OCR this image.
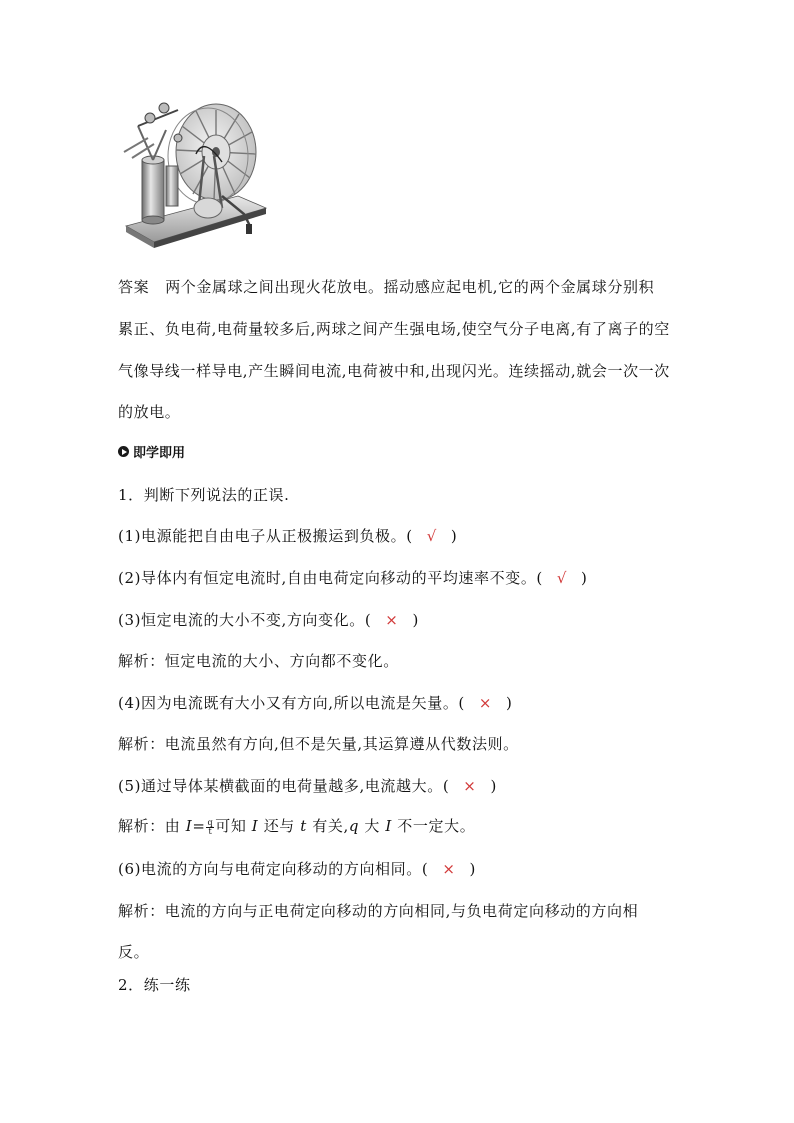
答案 两个金属球之间出现火花放电。摇动感应起电机,它的两个金属球分别积
累正、负电荷,电荷量较多后,两球之间产生强电场,使空气分子电离,有了离子的空
气像导线一样导电,产生瞬间电流,电荷被中和,出现闪光。连续摇动,就会一次一次
的放电。
即学即用
1．判断下列说法的正误.
(1)电源能把自由电子从正极搬运到负极。( √ )
(2)导体内有恒定电流时,自由电荷定向移动的平均速率不变。( √ )
(3)恒定电流的大小不变,方向变化。( × )
解析：恒定电流的大小、方向都不变化。
(4)因为电流既有大小又有方向,所以电流是矢量。( × )
解析：电流虽然有方向,但不是矢量,其运算遵从代数法则。
(5)通过导体某横截面的电荷量越多,电流越大。( × )
解析：由 $I= \frac{q}{t}$ 可知 I 还与 t 有关,q 大 I 不一定大。
(6)电流的方向与电荷定向移动的方向相同。( × )
解析：电流的方向与正电荷定向移动的方向相同,与负电荷定向移动的方向相
反。
2．练一练
